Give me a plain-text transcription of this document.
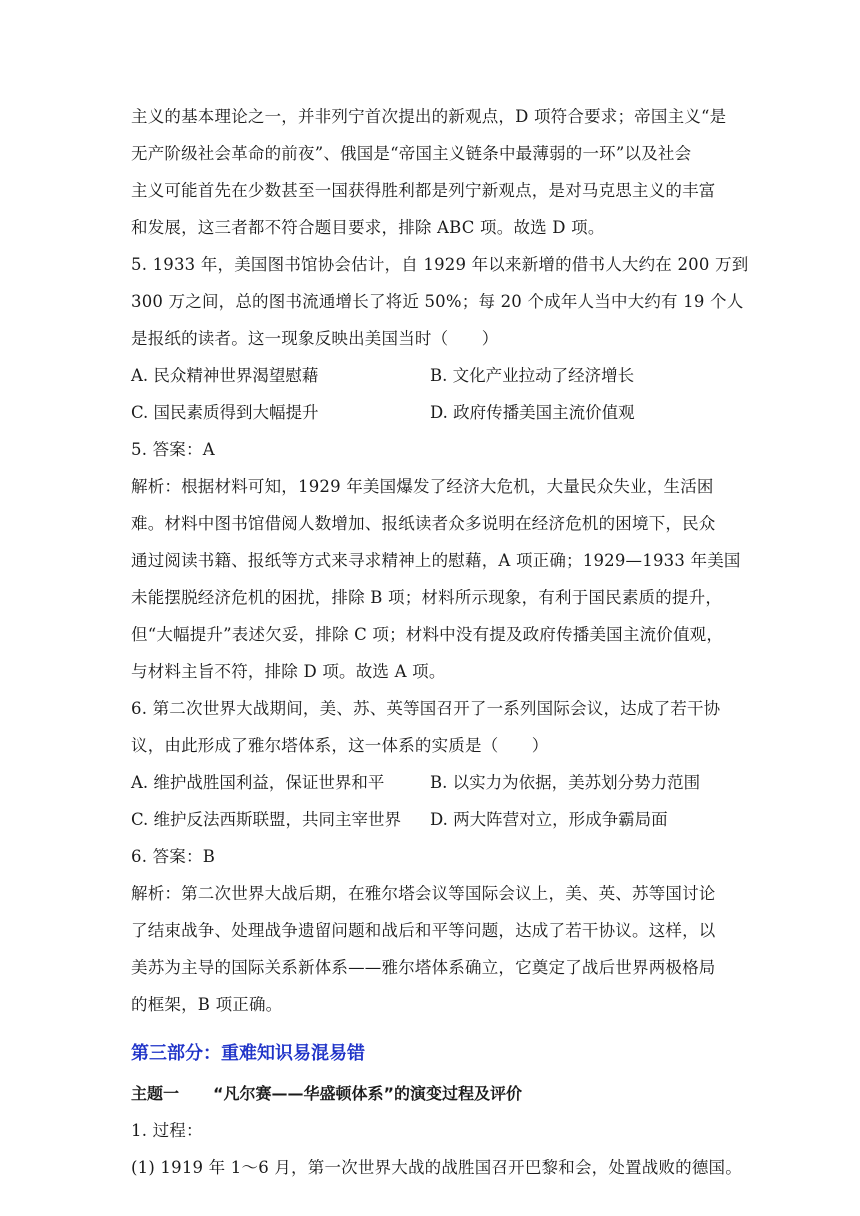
主义的基本理论之一，并非列宁首次提出的新观点，D 项符合要求；帝国主义“是
无产阶级社会革命的前夜”、俄国是“帝国主义链条中最薄弱的一环”以及社会
主义可能首先在少数甚至一国获得胜利都是列宁新观点，是对马克思主义的丰富
和发展，这三者都不符合题目要求，排除 ABC 项。故选 D 项。
5. 1933 年，美国图书馆协会估计，自 1929 年以来新增的借书人大约在 200 万到
300 万之间，总的图书流通增长了将近 50%；每 20 个成年人当中大约有 19 个人
是报纸的读者。这一现象反映出美国当时（　　）
A. 民众精神世界渴望慰藉	B. 文化产业拉动了经济增长
C. 国民素质得到大幅提升	D. 政府传播美国主流价值观
5. 答案：A
解析：根据材料可知，1929 年美国爆发了经济大危机，大量民众失业，生活困
难。材料中图书馆借阅人数增加、报纸读者众多说明在经济危机的困境下，民众
通过阅读书籍、报纸等方式来寻求精神上的慰藉，A 项正确；1929—1933 年美国
未能摆脱经济危机的困扰，排除 B 项；材料所示现象，有利于国民素质的提升，
但“大幅提升”表述欠妥，排除 C 项；材料中没有提及政府传播美国主流价值观，
与材料主旨不符，排除 D 项。故选 A 项。
6. 第二次世界大战期间，美、苏、英等国召开了一系列国际会议，达成了若干协
议，由此形成了雅尔塔体系，这一体系的实质是（　　）
A. 维护战胜国利益，保证世界和平	B. 以实力为依据，美苏划分势力范围
C. 维护反法西斯联盟，共同主宰世界	D. 两大阵营对立，形成争霸局面
6. 答案：B
解析：第二次世界大战后期，在雅尔塔会议等国际会议上，美、英、苏等国讨论
了结束战争、处理战争遗留问题和战后和平等问题，达成了若干协议。这样，以
美苏为主导的国际关系新体系——雅尔塔体系确立，它奠定了战后世界两极格局
的框架，B 项正确。
第三部分：重难知识易混易错
主题一 “凡尔赛——华盛顿体系”的演变过程及评价
1. 过程：
(1) 1919 年 1～6 月，第一次世界大战的战胜国召开巴黎和会，处置战败的德国。
